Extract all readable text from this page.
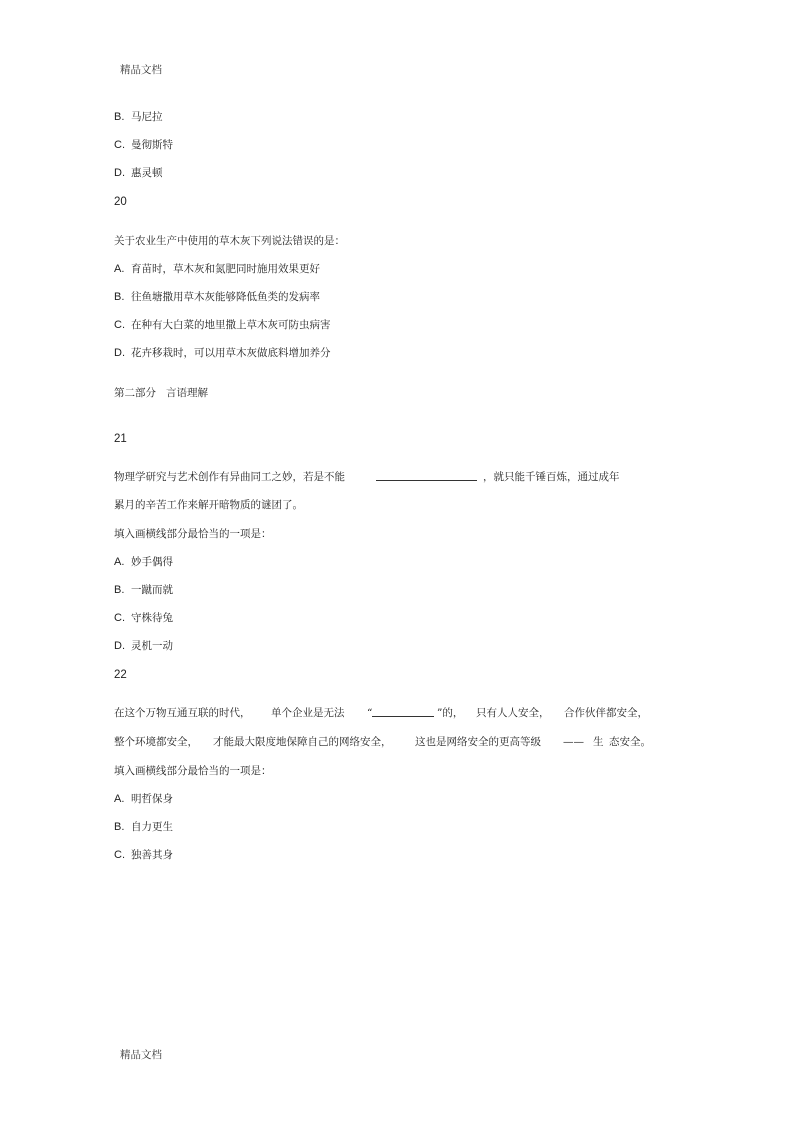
精品文档
B. 马尼拉
C. 曼彻斯特
D. 惠灵顿
20
关于农业生产中使用的草木灰下列说法错误的是：
A. 育苗时，草木灰和氮肥同时施用效果更好
B. 往鱼塘撒用草木灰能够降低鱼类的发病率
C. 在种有大白菜的地里撒上草木灰可防虫病害
D. 花卉移栽时，可以用草木灰做底料增加养分
第二部分   言语理解
21
物理学研究与艺术创作有异曲同工之妙，若是不能	，就只能千锤百炼，通过成年
累月的辛苦工作来解开暗物质的谜团了。
填入画横线部分最恰当的一项是：
A. 妙手偶得
B. 一蹴而就
C. 守株待兔
D. 灵机一动
22
在这个万物互通互联的时代， 单个企业是无法 “	”的， 只有人人安全， 合作伙伴都安全，
整个环境都安全， 才能最大限度地保障自己的网络安全， 这也是网络安全的更高等级 —— 生 态安全。
填入画横线部分最恰当的一项是：
A. 明哲保身
B. 自力更生
C. 独善其身
精品文档
